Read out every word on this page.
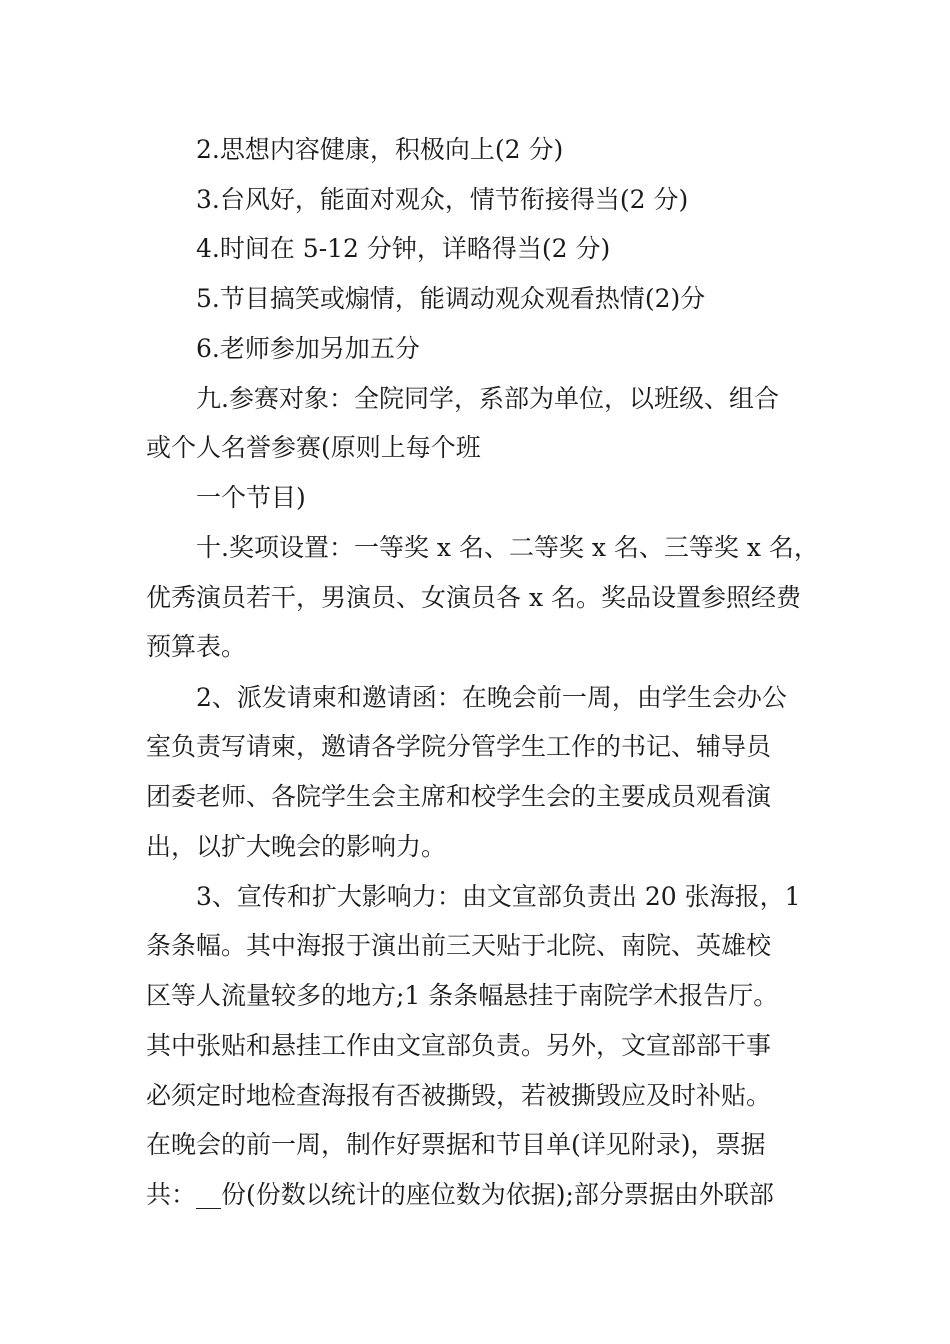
2.思想内容健康，积极向上(2 分)
3.台风好，能面对观众，情节衔接得当(2 分)
4.时间在 5-12 分钟，详略得当(2 分)
5.节目搞笑或煽情，能调动观众观看热情(2)分
6.老师参加另加五分
九.参赛对象：全院同学，系部为单位，以班级、组合
或个人名誉参赛(原则上每个班
一个节目)
十.奖项设置：一等奖 x 名、二等奖 x 名、三等奖 x 名，
优秀演员若干，男演员、女演员各 x 名。奖品设置参照经费
预算表。
2、派发请柬和邀请函：在晚会前一周，由学生会办公
室负责写请柬，邀请各学院分管学生工作的书记、辅导员
团委老师、各院学生会主席和校学生会的主要成员观看演
出，以扩大晚会的影响力。
3、宣传和扩大影响力：由文宣部负责出 20 张海报，1
条条幅。其中海报于演出前三天贴于北院、南院、英雄校
区等人流量较多的地方;1 条条幅悬挂于南院学术报告厅。
其中张贴和悬挂工作由文宣部负责。另外，文宣部部干事
必须定时地检查海报有否被撕毁，若被撕毁应及时补贴。
在晚会的前一周，制作好票据和节目单(详见附录)，票据
共：__份(份数以统计的座位数为依据);部分票据由外联部
